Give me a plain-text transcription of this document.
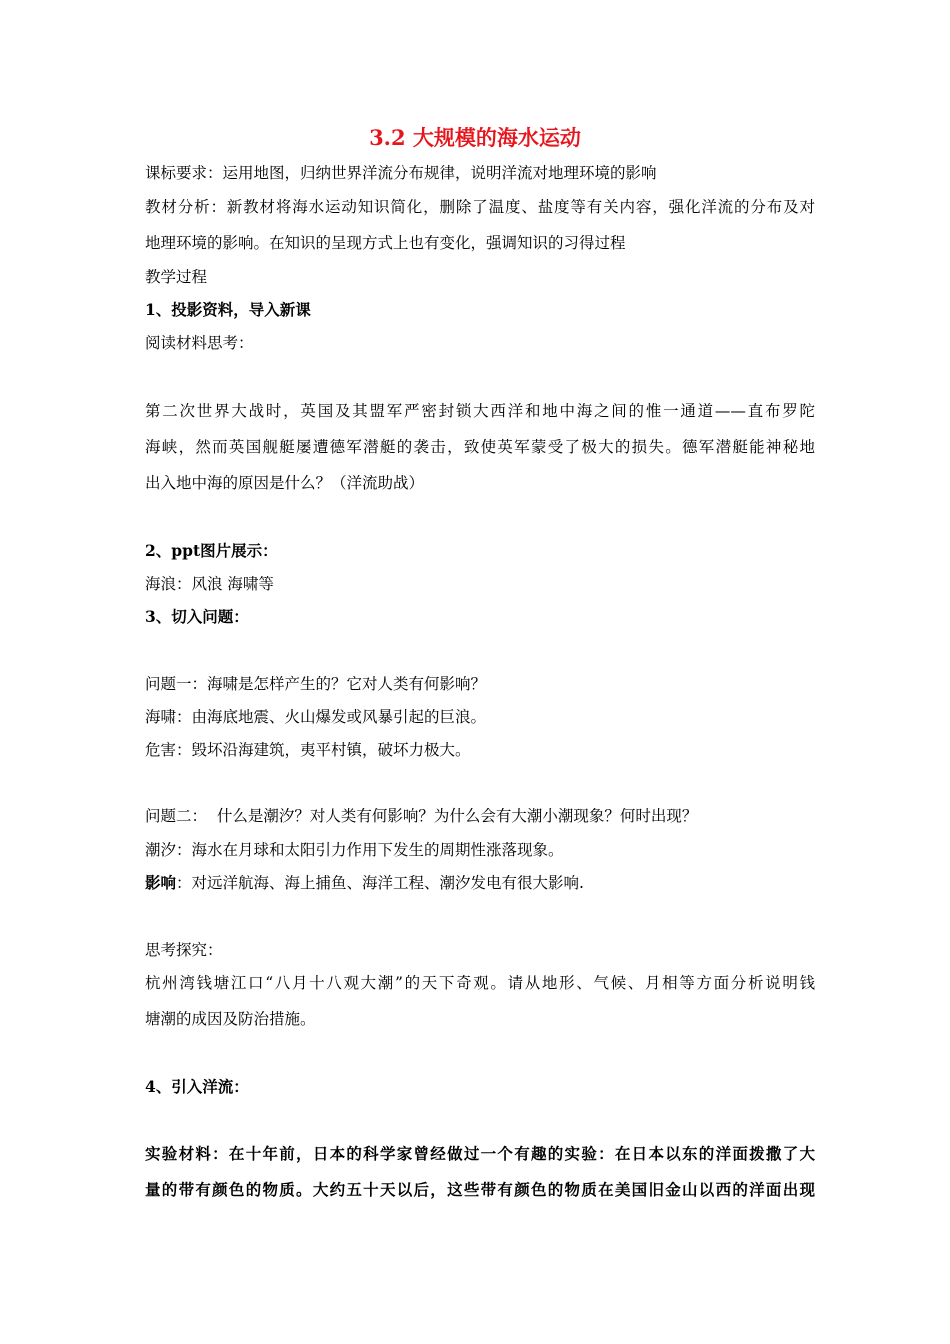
3.2 大规模的海水运动
课标要求：运用地图，归纳世界洋流分布规律，说明洋流对地理环境的影响
教材分析：新教材将海水运动知识简化，删除了温度、盐度等有关内容，强化洋流的分布及对
地理环境的影响。在知识的呈现方式上也有变化，强调知识的习得过程
教学过程
1、投影资料，导入新课
阅读材料思考：
第二次世界大战时，英国及其盟军严密封锁大西洋和地中海之间的惟一通道——直布罗陀
海峡，然而英国舰艇屡遭德军潜艇的袭击，致使英军蒙受了极大的损失。德军潜艇能神秘地
出入地中海的原因是什么？（洋流助战）
2、ppt图片展示：
海浪：风浪 海啸等
3、切入问题：
问题一：海啸是怎样产生的？它对人类有何影响？
海啸：由海底地震、火山爆发或风暴引起的巨浪。
危害：毁坏沿海建筑，夷平村镇，破坏力极大。
问题二：  什么是潮汐？对人类有何影响？为什么会有大潮小潮现象？何时出现？
潮汐：海水在月球和太阳引力作用下发生的周期性涨落现象。
影响：对远洋航海、海上捕鱼、海洋工程、潮汐发电有很大影响.
思考探究：
杭州湾钱塘江口“八月十八观大潮”的天下奇观。请从地形、气候、月相等方面分析说明钱
塘潮的成因及防治措施。
4、引入洋流：
实验材料：在十年前，日本的科学家曾经做过一个有趣的实验：在日本以东的洋面拨撒了大
量的带有颜色的物质。大约五十天以后，这些带有颜色的物质在美国旧金山以西的洋面出现
